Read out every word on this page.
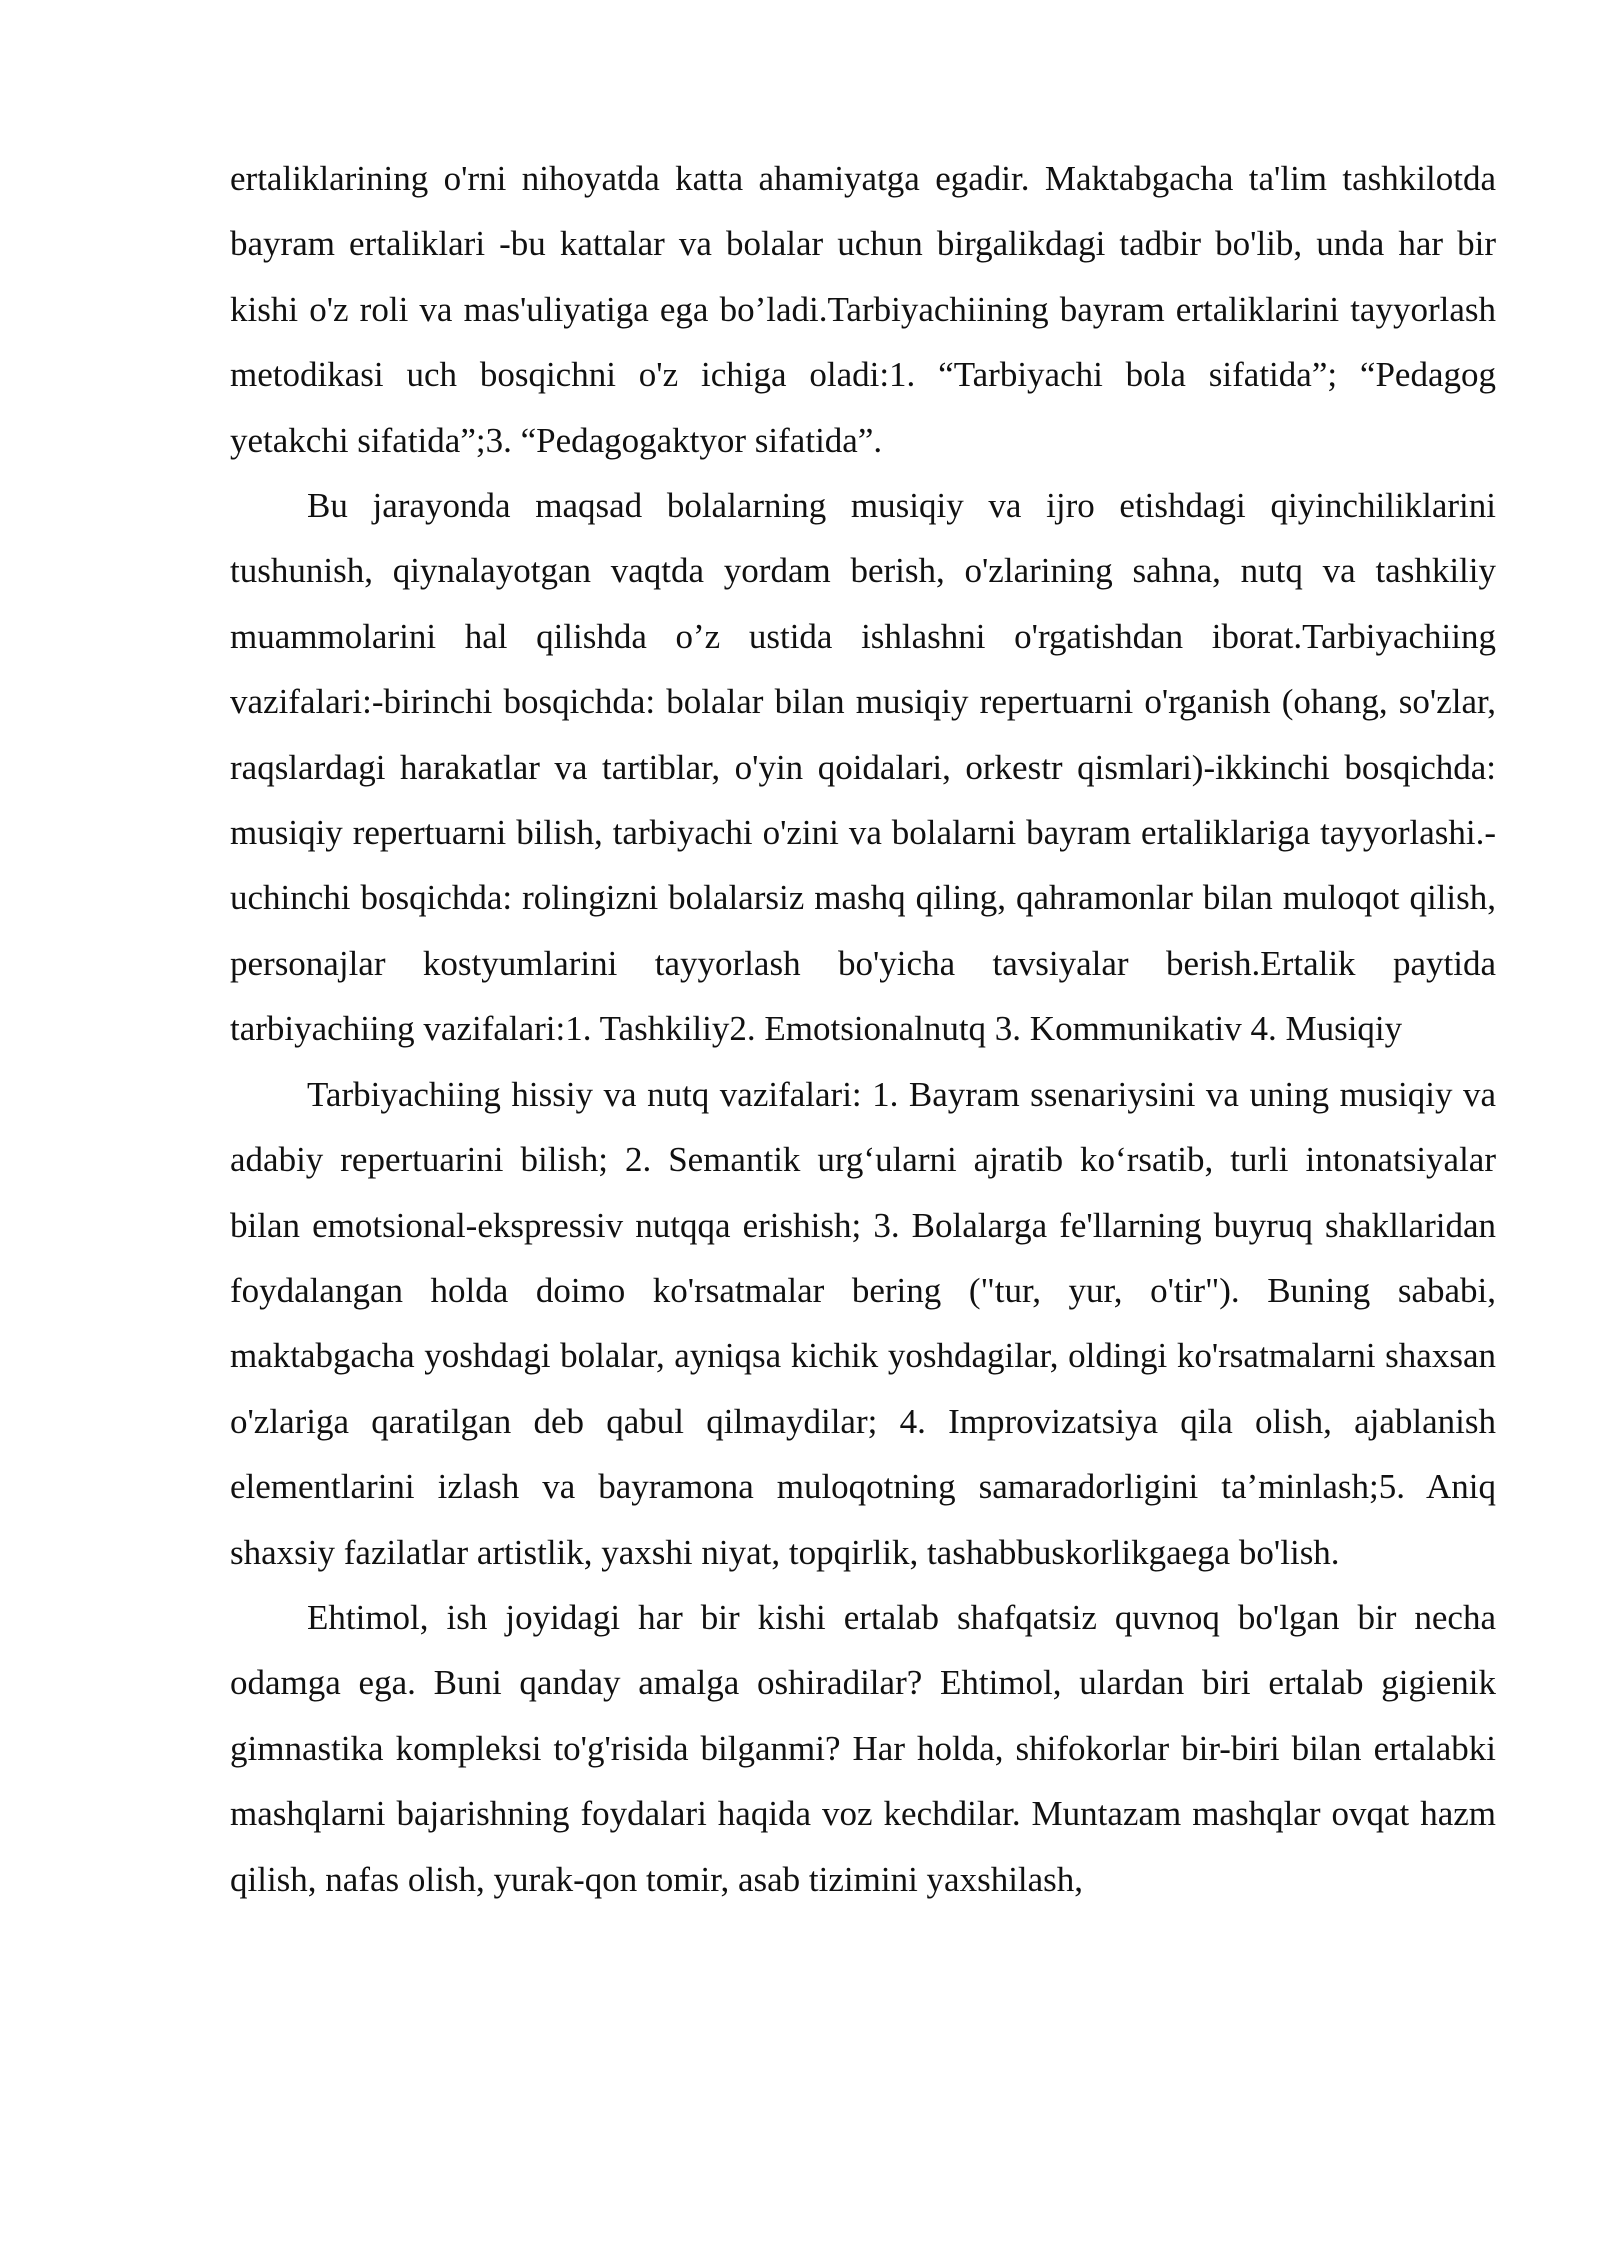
ertaliklarining o'rni nihoyatda katta ahamiyatga egadir. Maktabgacha ta'lim tashkilotda bayram ertaliklari -bu kattalar va bolalar uchun birgalikdagi tadbir bo'lib, unda har bir kishi o'z roli va mas'uliyatiga ega bo’ladi.Tarbiyachiining bayram ertaliklarini tayyorlash metodikasi uch bosqichni o'z ichiga oladi:1. “Tarbiyachi bola sifatida”; “Pedagog yetakchi sifatida”;3. “Pedagogaktyor sifatida”.

Bu jarayonda maqsad bolalarning musiqiy va ijro etishdagi qiyinchiliklarini tushunish, qiynalayotgan vaqtda yordam berish, o'zlarining sahna, nutq va tashkiliy muammolarini hal qilishda o’z ustida ishlashni o'rgatishdan iborat.Tarbiyachiing vazifalari:-birinchi bosqichda: bolalar bilan musiqiy repertuarni o'rganish (ohang, so'zlar, raqslardagi harakatlar va tartiblar, o'yin qoidalari, orkestr qismlari)-ikkinchi bosqichda: musiqiy repertuarni bilish, tarbiyachi o'zini va bolalarni bayram ertaliklariga tayyorlashi.-uchinchi bosqichda: rolingizni bolalarsiz mashq qiling, qahramonlar bilan muloqot qilish, personajlar kostyumlarini tayyorlash bo'yicha tavsiyalar berish.Ertalik paytida tarbiyachiing vazifalari:1. Tashkiliy2. Emotsionalnutq 3. Kommunikativ 4. Musiqiy

Tarbiyachiing hissiy va nutq vazifalari: 1. Bayram ssenariysini va uning musiqiy va adabiy repertuarini bilish; 2. Semantik urg‘ularni ajratib ko‘rsatib, turli intonatsiyalar bilan emotsional-ekspressiv nutqqa erishish; 3. Bolalarga fe'llarning buyruq shakllaridan foydalangan holda doimo ko'rsatmalar bering ("tur, yur, o'tir"). Buning sababi, maktabgacha yoshdagi bolalar, ayniqsa kichik yoshdagilar, oldingi ko'rsatmalarni shaxsan o'zlariga qaratilgan deb qabul qilmaydilar; 4. Improvizatsiya qila olish, ajablanish elementlarini izlash va bayramona muloqotning samaradorligini ta’minlash;5. Aniq shaxsiy fazilatlar artistlik, yaxshi niyat, topqirlik, tashabbuskorlikgaega bo'lish.

Ehtimol, ish joyidagi har bir kishi ertalab shafqatsiz quvnoq bo'lgan bir necha odamga ega. Buni qanday amalga oshiradilar? Ehtimol, ulardan biri ertalab gigienik gimnastika kompleksi to'g'risida bilganmi? Har holda, shifokorlar bir-biri bilan ertalabki mashqlarni bajarishning foydalari haqida voz kechdilar. Muntazam mashqlar ovqat hazm qilish, nafas olish, yurak-qon tomir, asab tizimini yaxshilash,
